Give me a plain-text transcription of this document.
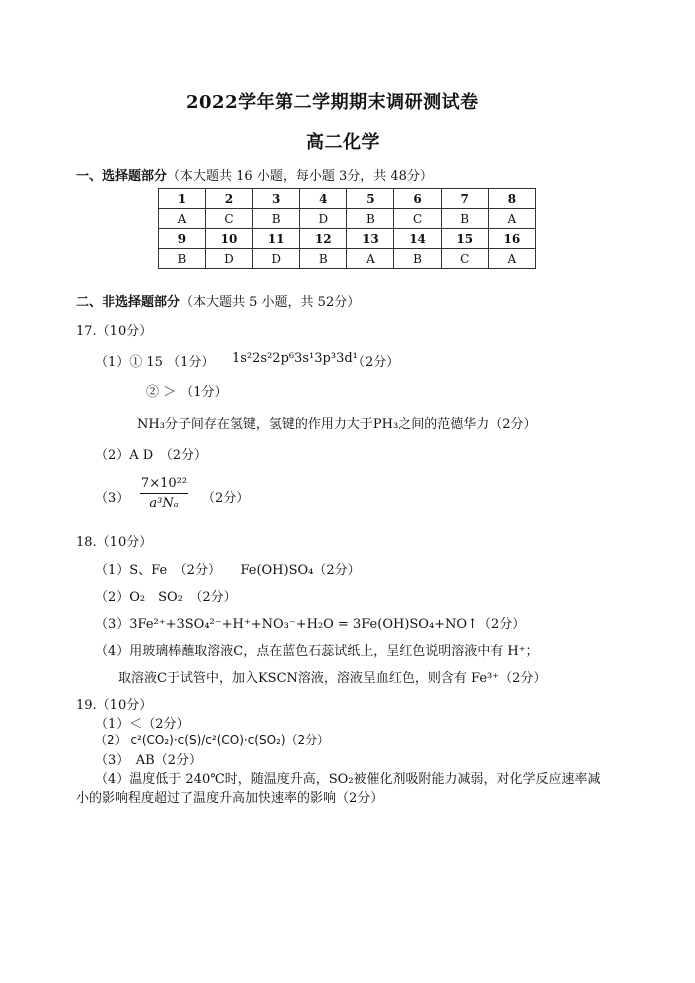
2022学年第二学期期末调研测试卷
高二化学
一、选择题部分（本大题共 16 小题，每小题 3分，共 48分）
1	2	3	4	5	6	7	8
A	C	B	D	B	C	B	A
9	10	11	12	13	14	15	16
B	D	D	B	A	B	C	A
二、非选择题部分（本大题共 5 小题，共 52分）
17.（10分）
（1）① 15 （1分） 1s²2s²2p⁶3s¹3p³3d¹
（2分）
② ＞ （1分）
NH₃分子间存在氢键，氢键的作用力大于PH₃之间的范德华力（2分）
（2）A D　（2分）
$(3) \frac{\text{7×10²²}}{\text{a³Nₐ}} (2$分）
18.（10分）
（1）S、Fe　（2分）　　Fe(OH)SO₄（2分）
（2）O₂　SO₂　（2分）
（3）3Fe²⁺+3SO₄²⁻+H⁺+NO₃⁻+H₂O = 3Fe(OH)SO₄+NO↑（2分）
（4）用玻璃棒蘸取溶液C，点在蓝色石蕊试纸上，呈红色说明溶液中有 H⁺；
取溶液C于试管中，加入KSCN溶液，溶液呈血红色，则含有 Fe³⁺（2分）
19.（10分）
（1）＜（2分）
（2） c²(CO₂)·c(S)/c²(CO)·c(SO₂)（2分）
（3）　AB（2分）
（4）温度低于 240℃时，随温度升高，SO₂被催化剂吸附能力减弱，对化学反应速率减
小的影响程度超过了温度升高加快速率的影响（2分）
